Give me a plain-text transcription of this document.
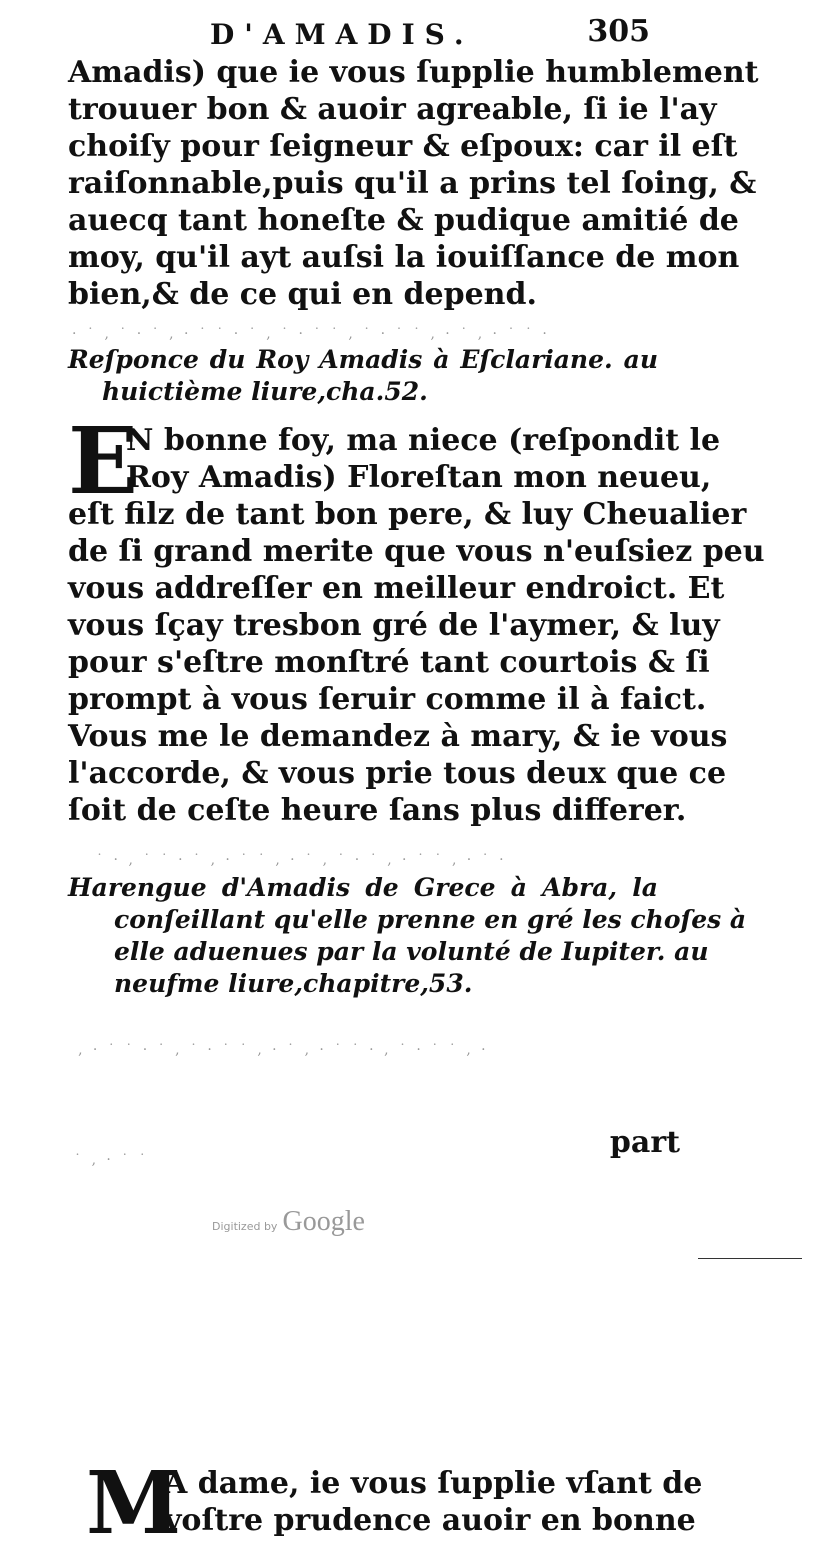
D'AMADIS.	305
Amadis) que ie vous ſupplie humblement
trouuer bon & auoir agreable, ſi ie l'ay
choiſy pour ſeigneur & eſpoux: car il eſt
raiſonnable,puis qu'il a prins tel ſoing, &
auecq tant honeſte & pudique amitié de
moy, qu'il ayt auſsi la iouiſſance de mon
bien,& de ce qui en depend.
· ˙ ‚ ˙ · ˙ ‚ · ˙ ˙ · ˙ ‚ ˙ · ˙ ˙ ‚ ˙ · ˙ ˙ ‚ · ˙ ‚ · ˙ ˙ ·
Reſponce du Roy Amadis à Eſclariane. au
huictième liure,cha.52.
E
N bonne foy, ma niece (reſpondit le
Roy Amadis) Floreſtan mon neueu,
eſt filz de tant bon pere, & luy Cheualier
de ſi grand merite que vous n'euſsiez peu
vous addreſſer en meilleur endroict. Et
vous ſçay tresbon gré de l'aymer, & luy
pour s'eſtre monſtré tant courtois & ſi
prompt à vous ſeruir comme il à faict.
Vous me le demandez à mary, & ie vous
l'accorde, & vous prie tous deux que ce
ſoit de ceſte heure ſans plus differer.
˙ · ‚ ˙ ˙ · ˙ ‚ · ˙ ˙ ‚ · ˙ ‚ ˙ · ˙ ‚ · ˙ ˙ ‚ · ˙ ·
Harengue d'Amadis de Grece à Abra, la
conſeillant qu'elle prenne en gré les choſes à
elle aduenues par la volunté de Iupiter. au
neufme liure,chapitre,53.
‚ · ˙ ˙ · ˙ ‚ ˙ · ˙ ˙ ‚ · ˙ ‚ · ˙ ˙ · ‚ ˙ · ˙ ˙ ‚ ·
M
A dame, ie vous ſupplie vſant de
voſtre prudence auoir en bonne
part
˙ ‚ · ˙ ˙
Digitized by Google
